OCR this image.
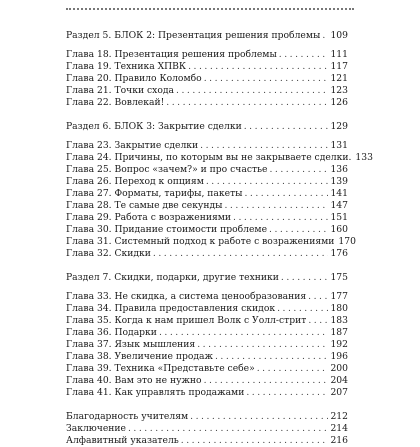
Раздел 5. БЛОК 2: Презентация решения проблемы . . . 109
Глава 18. Презентация решения проблемы . . .	111
Глава 19. Техника ХПВК . . .	117
Глава 20. Правило Коломбо . . .	121
Глава 21. Точки схода . . .	123
Глава 22. Вовлекай! . . .	126
Раздел 6. БЛОК 3: Закрытие сделки . . .	129
Глава 23. Закрытие сделки . . .	131
Глава 24. Причины, по которым вы не закрываете сделки. 133
Глава 25. Вопрос «зачем?» и про счастье . . .	136
Глава 26. Переход к опциям . . .	139
Глава 27. Форматы, тарифы, пакеты . . .	141
Глава 28. Те самые две секунды . . .	147
Глава 29. Работа с возражениями . . .	151
Глава 30. Придание стоимости проблеме . . .	160
Глава 31. Системный подход к работе с возражениями 170
Глава 32. Скидки . . .	176
Раздел 7. Скидки, подарки, другие техники . . .	175
Глава 33. Не скидка, а система ценообразования . . .	177
Глава 34. Правила предоставления скидок . . .	180
Глава 35. Когда к нам пришел Волк с Уолл-стрит . . .	183
Глава 36. Подарки . . .	187
Глава 37. Язык мышления . . .	192
Глава 38. Увеличение продаж . . .	196
Глава 39. Техника «Представьте себе» . . .	200
Глава 40. Вам это не нужно . . .	204
Глава 41. Как управлять продажами . . .	207
Благодарность учителям . . .	212
Заключение . . .	214
Алфавитный указатель . . .	216
